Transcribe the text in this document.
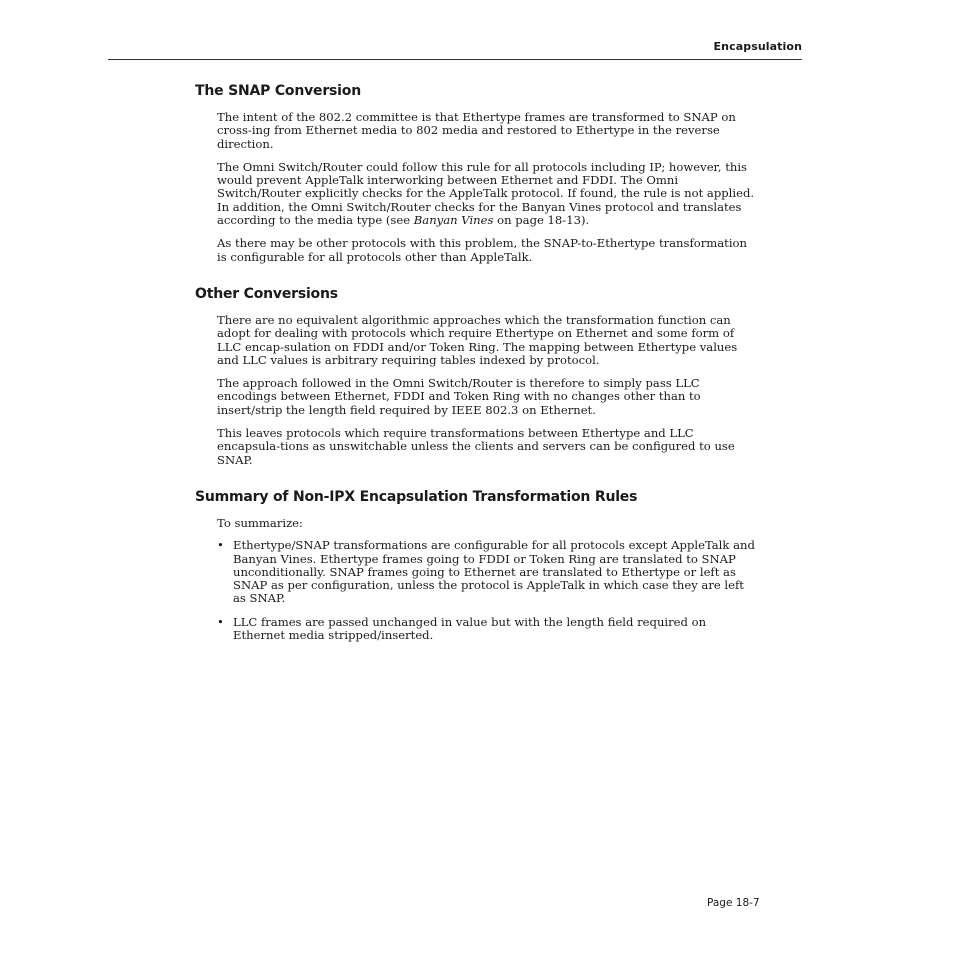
Encapsulation
The SNAP Conversion

The intent of the 802.2 committee is that Ethertype frames are transformed to SNAP on cross-ing from Ethernet media to 802 media and restored to Ethertype in the reverse direction.

The Omni Switch/Router could follow this rule for all protocols including IP; however, this would prevent AppleTalk interworking between Ethernet and FDDI. The Omni Switch/Router explicitly checks for the AppleTalk protocol. If found, the rule is not applied. In addition, the Omni Switch/Router checks for the Banyan Vines protocol and translates according to the media type (see Banyan Vines on page 18-13).

As there may be other protocols with this problem, the SNAP-to-Ethertype transformation is configurable for all protocols other than AppleTalk.

Other Conversions

There are no equivalent algorithmic approaches which the transformation function can adopt for dealing with protocols which require Ethertype on Ethernet and some form of LLC encap-sulation on FDDI and/or Token Ring. The mapping between Ethertype values and LLC values is arbitrary requiring tables indexed by protocol.

The approach followed in the Omni Switch/Router is therefore to simply pass LLC encodings between Ethernet, FDDI and Token Ring with no changes other than to insert/strip the length field required by IEEE 802.3 on Ethernet.

This leaves protocols which require transformations between Ethertype and LLC encapsula-tions as unswitchable unless the clients and servers can be configured to use SNAP.

Summary of Non-IPX Encapsulation Transformation Rules

To summarize:

• Ethertype/SNAP transformations are configurable for all protocols except AppleTalk and Banyan Vines. Ethertype frames going to FDDI or Token Ring are translated to SNAP unconditionally. SNAP frames going to Ethernet are translated to Ethertype or left as SNAP as per configuration, unless the protocol is AppleTalk in which case they are left as SNAP.
• LLC frames are passed unchanged in value but with the length field required on Ethernet media stripped/inserted.
Page 18-7
